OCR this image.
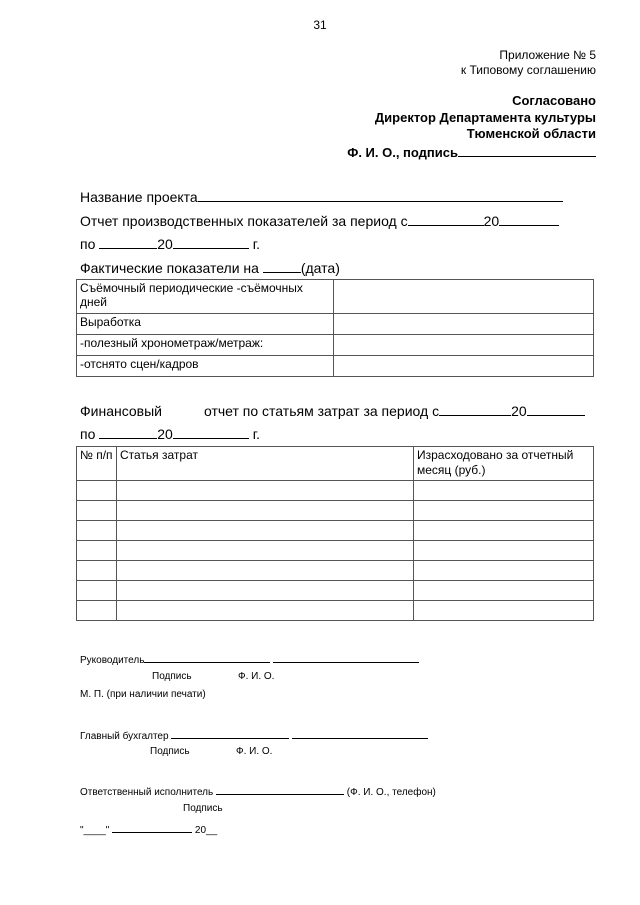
31
Приложение № 5
к Типовому соглашению
Согласовано
Директор Департамента культуры
Тюменской области
Ф. И. О., подпись
Название проекта
Отчет производственных показателей за период с	20
по	20	г.
Фактические показатели на	(дата)
Съёмочный периодические -съёмочных дней	
Выработка	
-полезный хронометраж/метраж:	
-отснято сцен/кадров	
Финансовый	отчет по статьям затрат за период с	20
по	20	г.
№ п/п	Статья затрат	Израсходовано за отчетный месяц (руб.)

Руководитель
Подпись	Ф. И. О.
М. П. (при наличии печати)
Главный бухгалтер
Подпись	Ф. И. О.
Ответственный исполнитель	(Ф. И. О., телефон)
Подпись
"____"	20__
